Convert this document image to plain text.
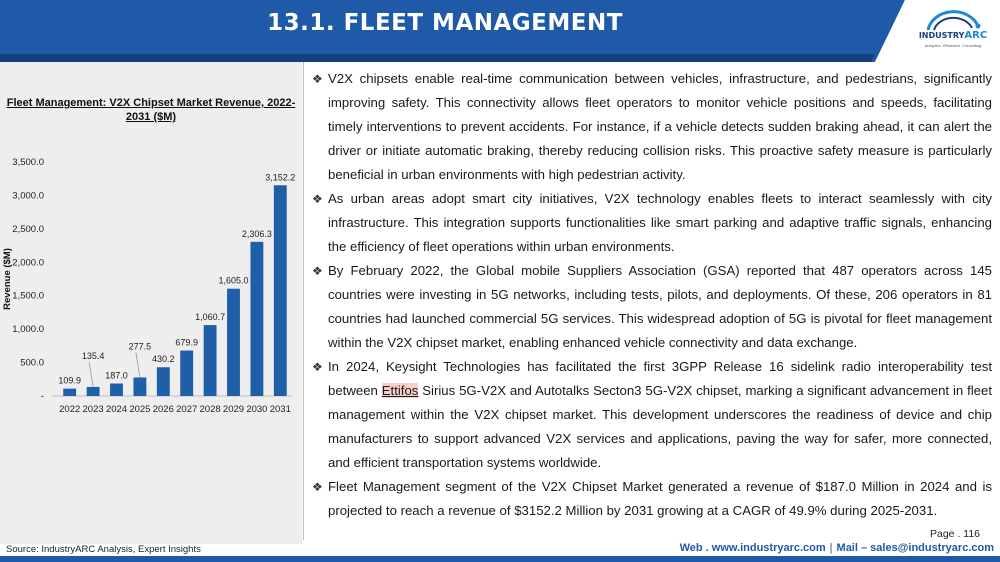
13.1. FLEET MANAGEMENT	INDUSTRYARC
Analytics. Research. Consulting
Fleet Management: V2X Chipset Market Revenue, 2022-2031 ($M)
Revenue ($M)
-
500.0
1,000.0
1,500.0
2,000.0
2,500.0
3,000.0
3,500.0
109.9
2022
135.4
2023
187.0
2024
277.5
2025
430.2
2026
679.9
2027
1,060.7
2028
1,605.0
2029
2,306.3
2030
3,152.2
2031
❖ V2X chipsets enable real-time communication between vehicles, infrastructure, and pedestrians, significantly improving safety. This connectivity allows fleet operators to monitor vehicle positions and speeds, facilitating timely interventions to prevent accidents. For instance, if a vehicle detects sudden braking ahead, it can alert the driver or initiate automatic braking, thereby reducing collision risks. This proactive safety measure is particularly beneficial in urban environments with high pedestrian activity.
❖ As urban areas adopt smart city initiatives, V2X technology enables fleets to interact seamlessly with city infrastructure. This integration supports functionalities like smart parking and adaptive traffic signals, enhancing the efficiency of fleet operations within urban environments.
❖ By February 2022, the Global mobile Suppliers Association (GSA) reported that 487 operators across 145 countries were investing in 5G networks, including tests, pilots, and deployments. Of these, 206 operators in 81 countries had launched commercial 5G services. This widespread adoption of 5G is pivotal for fleet management within the V2X chipset market, enabling enhanced vehicle connectivity and data exchange.
❖ In 2024, Keysight Technologies has facilitated the first 3GPP Release 16 sidelink radio interoperability test between Ettifos Sirius 5G-V2X and Autotalks Secton3 5G-V2X chipset, marking a significant advancement in fleet management within the V2X chipset market. This development underscores the readiness of device and chip manufacturers to support advanced V2X services and applications, paving the way for safer, more connected, and efficient transportation systems worldwide.
❖ Fleet Management segment of the V2X Chipset Market generated a revenue of $187.0 Million in 2024 and is projected to reach a revenue of $3152.2 Million by 2031 growing at a CAGR of 49.9% during 2025-2031.
Source: IndustryARC Analysis, Expert Insights
Page . 116
Web . www.industryarc.com | Mail – sales@industryarc.com
